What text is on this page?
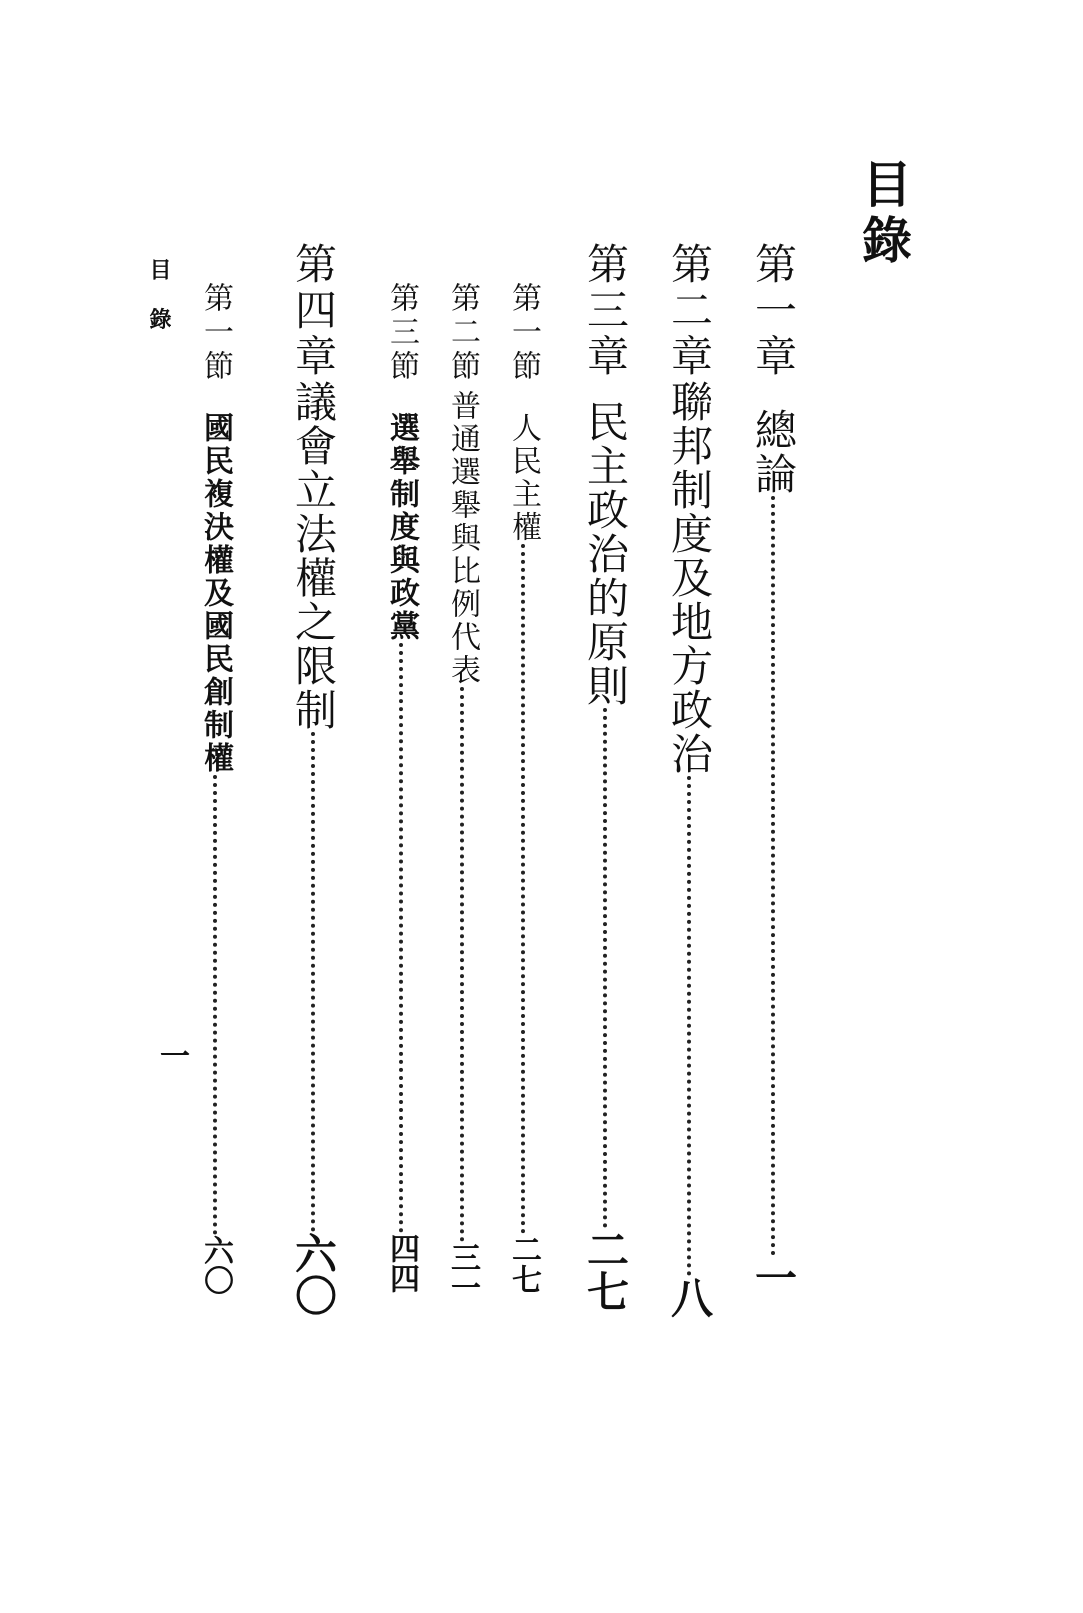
目錄
目 錄
一
第一章
總論
一
第二章
聯邦制度及地方政治
八
第三章
民主政治的原則
二七
第一節
人民主權
二七
第二節
普通選舉與比例代表
三一
第三節
選舉制度與政黨
四四
第四章
議會立法權之限制
六〇
第一節
國民複決權及國民創制權
六〇
